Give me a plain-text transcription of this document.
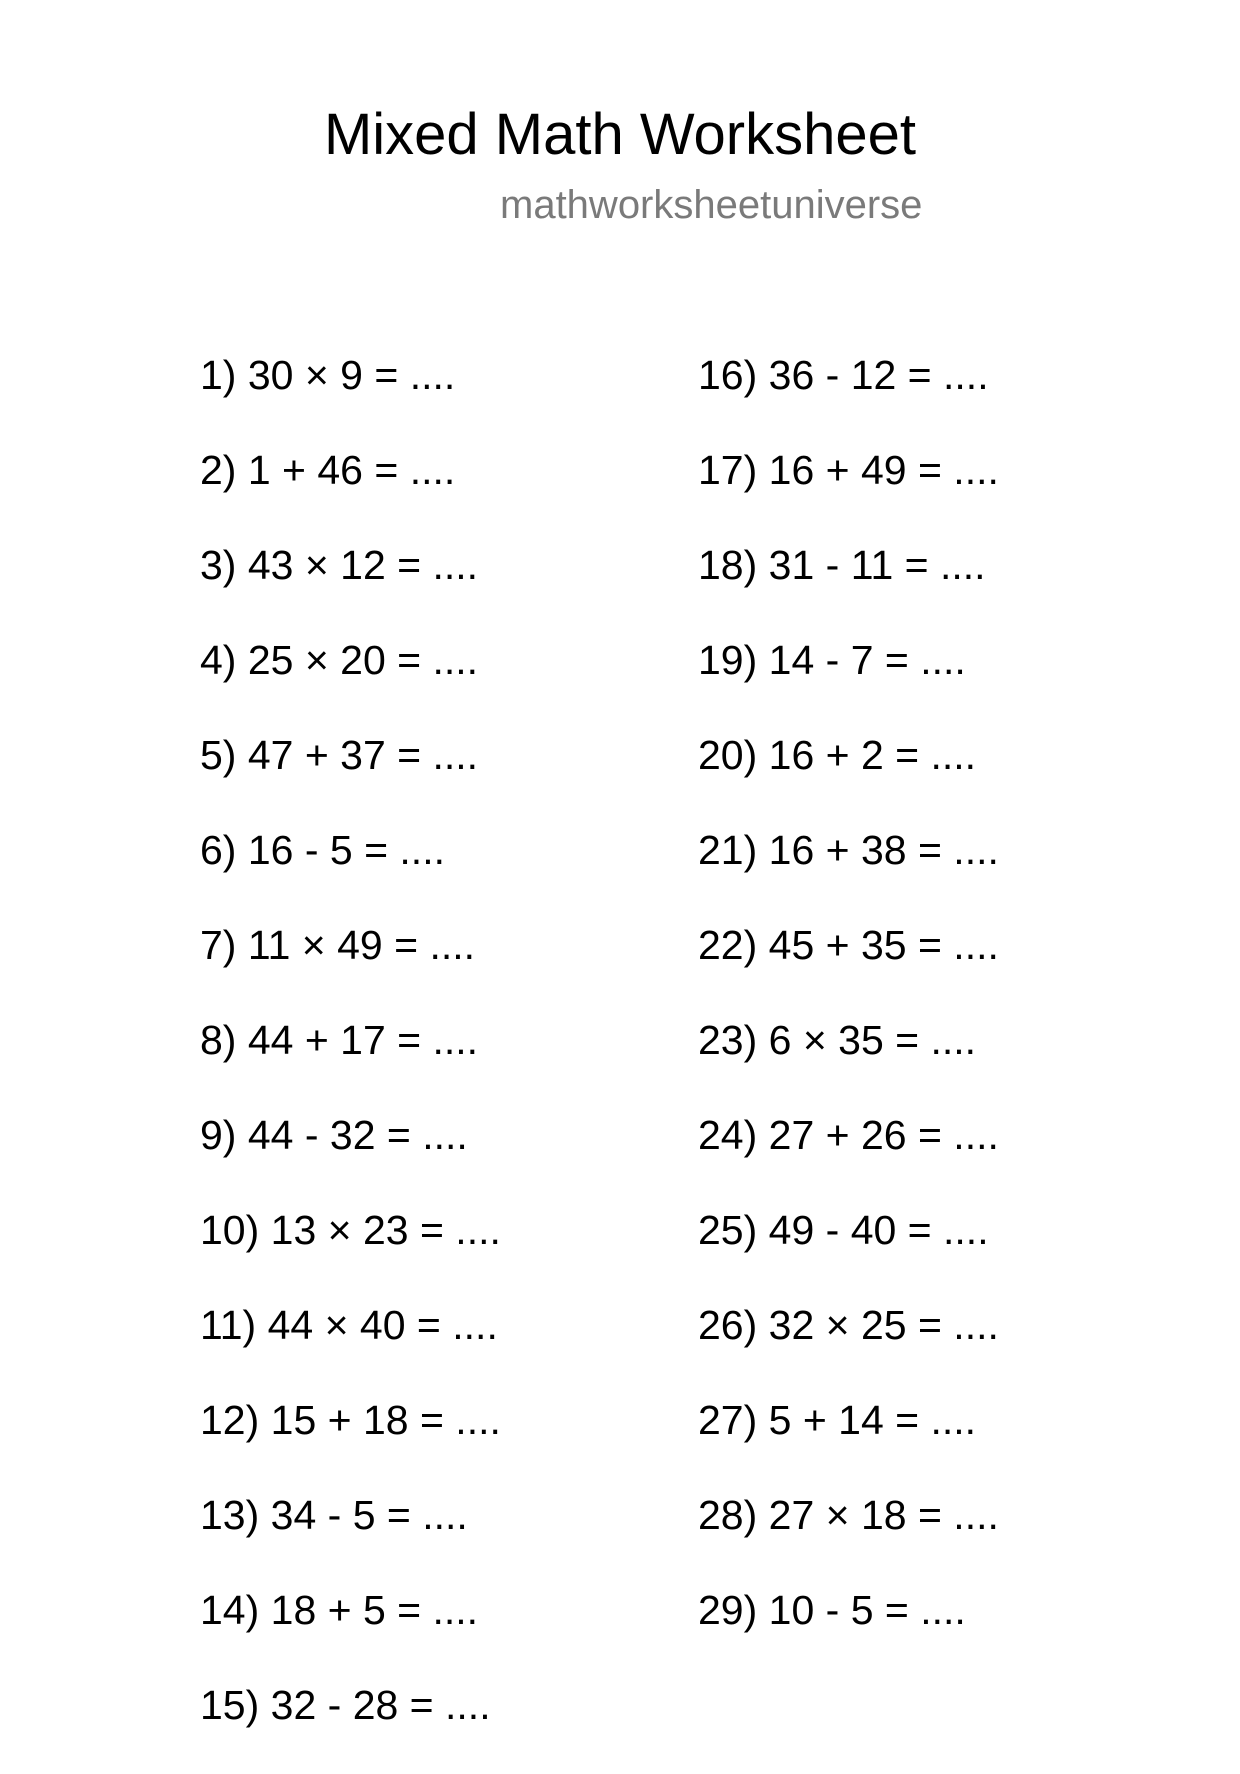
Mixed Math Worksheet
mathworksheetuniverse
1) 30 × 9 = ....
2) 1 + 46 = ....
3) 43 × 12 = ....
4) 25 × 20 = ....
5) 47 + 37 = ....
6) 16 - 5 = ....
7) 11 × 49 = ....
8) 44 + 17 = ....
9) 44 - 32 = ....
10) 13 × 23 = ....
11) 44 × 40 = ....
12) 15 + 18 = ....
13) 34 - 5 = ....
14) 18 + 5 = ....
15) 32 - 28 = ....
16) 36 - 12 = ....
17) 16 + 49 = ....
18) 31 - 11 = ....
19) 14 - 7 = ....
20) 16 + 2 = ....
21) 16 + 38 = ....
22) 45 + 35 = ....
23) 6 × 35 = ....
24) 27 + 26 = ....
25) 49 - 40 = ....
26) 32 × 25 = ....
27) 5 + 14 = ....
28) 27 × 18 = ....
29) 10 - 5 = ....
